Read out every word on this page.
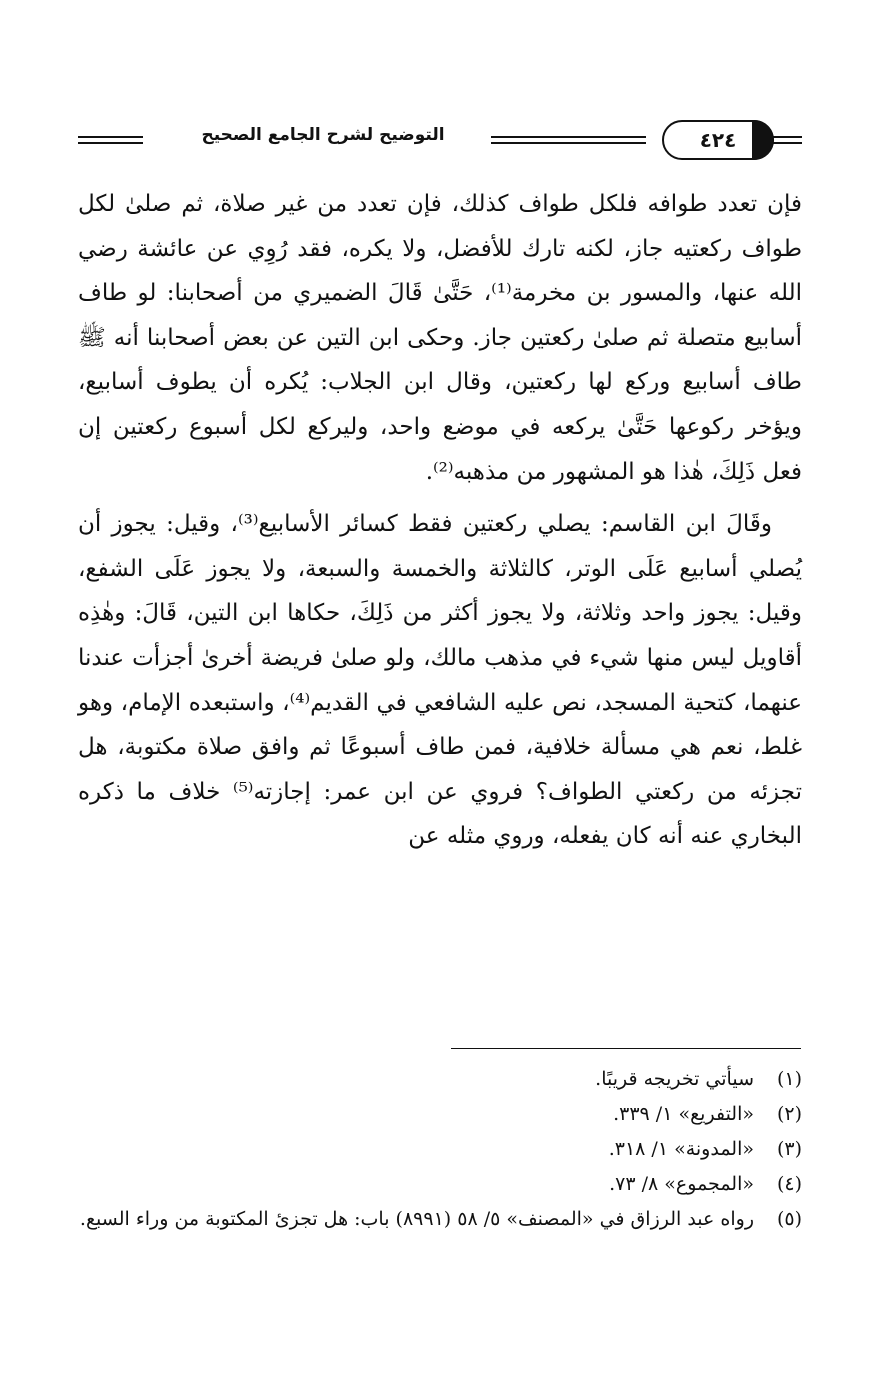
٤٢٤
التوضيح لشرح الجامع الصحيح

فإن تعدد طوافه فلكل طواف كذلك، فإن تعدد من غير صلاة، ثم صلىٰ لكل طواف ركعتيه جاز، لكنه تارك للأفضل، ولا يكره، فقد رُوِي عن عائشة رضي الله عنها، والمسور بن مخرمة⁽¹⁾، حَتَّىٰ قَالَ الضميري من أصحابنا: لو طاف أسابيع متصلة ثم صلىٰ ركعتين جاز. وحكى ابن التين عن بعض أصحابنا أنه ﷺ طاف أسابيع وركع لها ركعتين، وقال ابن الجلاب: يُكره أن يطوف أسابيع، ويؤخر ركوعها حَتَّىٰ يركعه في موضع واحد، وليركع لكل أسبوع ركعتين إن فعل ذَلِكَ، هٰذا هو المشهور من مذهبه⁽²⁾.

وقَالَ ابن القاسم: يصلي ركعتين فقط كسائر الأسابيع⁽³⁾، وقيل: يجوز أن يُصلي أسابيع عَلَى الوتر، كالثلاثة والخمسة والسبعة، ولا يجوز عَلَى الشفع، وقيل: يجوز واحد وثلاثة، ولا يجوز أكثر من ذَلِكَ، حكاها ابن التين، قَالَ: وهٰذِه أقاويل ليس منها شيء في مذهب مالك، ولو صلىٰ فريضة أخرىٰ أجزأت عندنا عنهما، كتحية المسجد، نص عليه الشافعي في القديم⁽⁴⁾، واستبعده الإمام، وهو غلط، نعم هي مسألة خلافية، فمن طاف أسبوعًا ثم وافق صلاة مكتوبة، هل تجزئه من ركعتي الطواف؟ فروي عن ابن عمر: إجازته⁽⁵⁾ خلاف ما ذكره البخاري عنه أنه كان يفعله، وروي مثله عن

(١)
سيأتي تخريجه قريبًا.
(٢)
«التفريع» ١/ ٣٣٩.
(٣)
«المدونة» ١/ ٣١٨.
(٤)
«المجموع» ٨/ ٧٣.
(٥)
رواه عبد الرزاق في «المصنف» ٥/ ٥٨ (٨٩٩١) باب: هل تجزئ المكتوبة من وراء السبع.
